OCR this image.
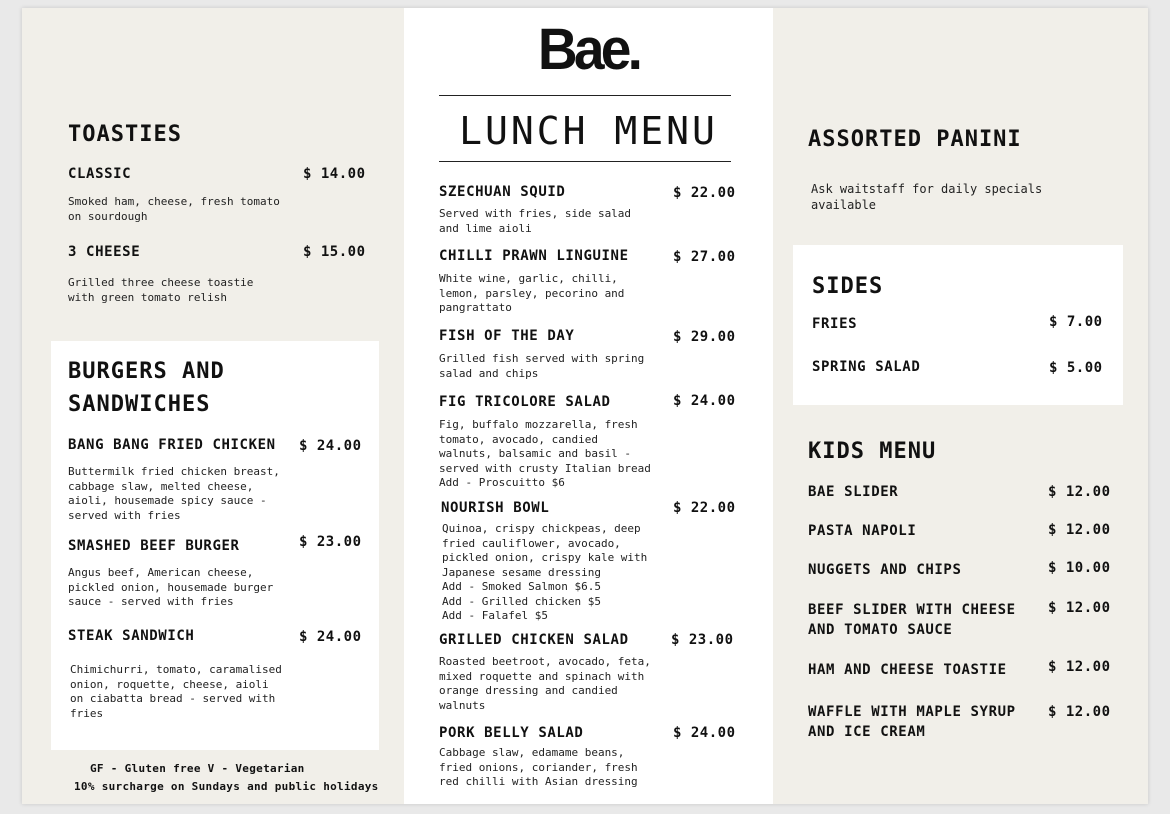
TOASTIES
CLASSIC	$ 14.00
Smoked ham, cheese, fresh tomato
on sourdough
3 CHEESE	$ 15.00
Grilled three cheese toastie
with green tomato relish
BURGERS AND
SANDWICHES
BANG BANG FRIED CHICKEN $ 24.00
Buttermilk fried chicken breast,
cabbage slaw, melted cheese,
aioli, housemade spicy sauce -
served with fries
SMASHED BEEF BURGER	$ 23.00
Angus beef, American cheese,
pickled onion, housemade burger
sauce - served with fries
STEAK SANDWICH	$ 24.00
Chimichurri, tomato, caramalised
onion, roquette, cheese, aioli
on ciabatta bread - served with
fries
GF - Gluten free V - Vegetarian
10% surcharge on Sundays and public holidays
Bae.
LUNCH MENU
SZECHUAN SQUID	$ 22.00
Served with fries, side salad
and lime aioli
CHILLI PRAWN LINGUINE	$ 27.00
White wine, garlic, chilli,
lemon, parsley, pecorino and
pangrattato
FISH OF THE DAY	$ 29.00
Grilled fish served with spring
salad and chips
FIG TRICOLORE SALAD	$ 24.00
Fig, buffalo mozzarella, fresh
tomato, avocado, candied
walnuts, balsamic and basil -
served with crusty Italian bread
Add - Proscuitto $6
NOURISH BOWL	$ 22.00
Quinoa, crispy chickpeas, deep
fried cauliflower, avocado,
pickled onion, crispy kale with
Japanese sesame dressing
Add - Smoked Salmon $6.5
Add - Grilled chicken $5
Add - Falafel $5
GRILLED CHICKEN SALAD	$ 23.00
Roasted beetroot, avocado, feta,
mixed roquette and spinach with
orange dressing and candied
walnuts
PORK BELLY SALAD	$ 24.00
Cabbage slaw, edamame beans,
fried onions, coriander, fresh
red chilli with Asian dressing
ASSORTED PANINI
Ask waitstaff for daily specials
available
SIDES
FRIES	$ 7.00
SPRING SALAD	$ 5.00
KIDS MENU
BAE SLIDER	$ 12.00
PASTA NAPOLI	$ 12.00
NUGGETS AND CHIPS	$ 10.00
BEEF SLIDER WITH CHEESE
AND TOMATO SAUCE
$ 12.00
HAM AND CHEESE TOASTIE	$ 12.00
WAFFLE WITH MAPLE SYRUP
AND ICE CREAM
$ 12.00
